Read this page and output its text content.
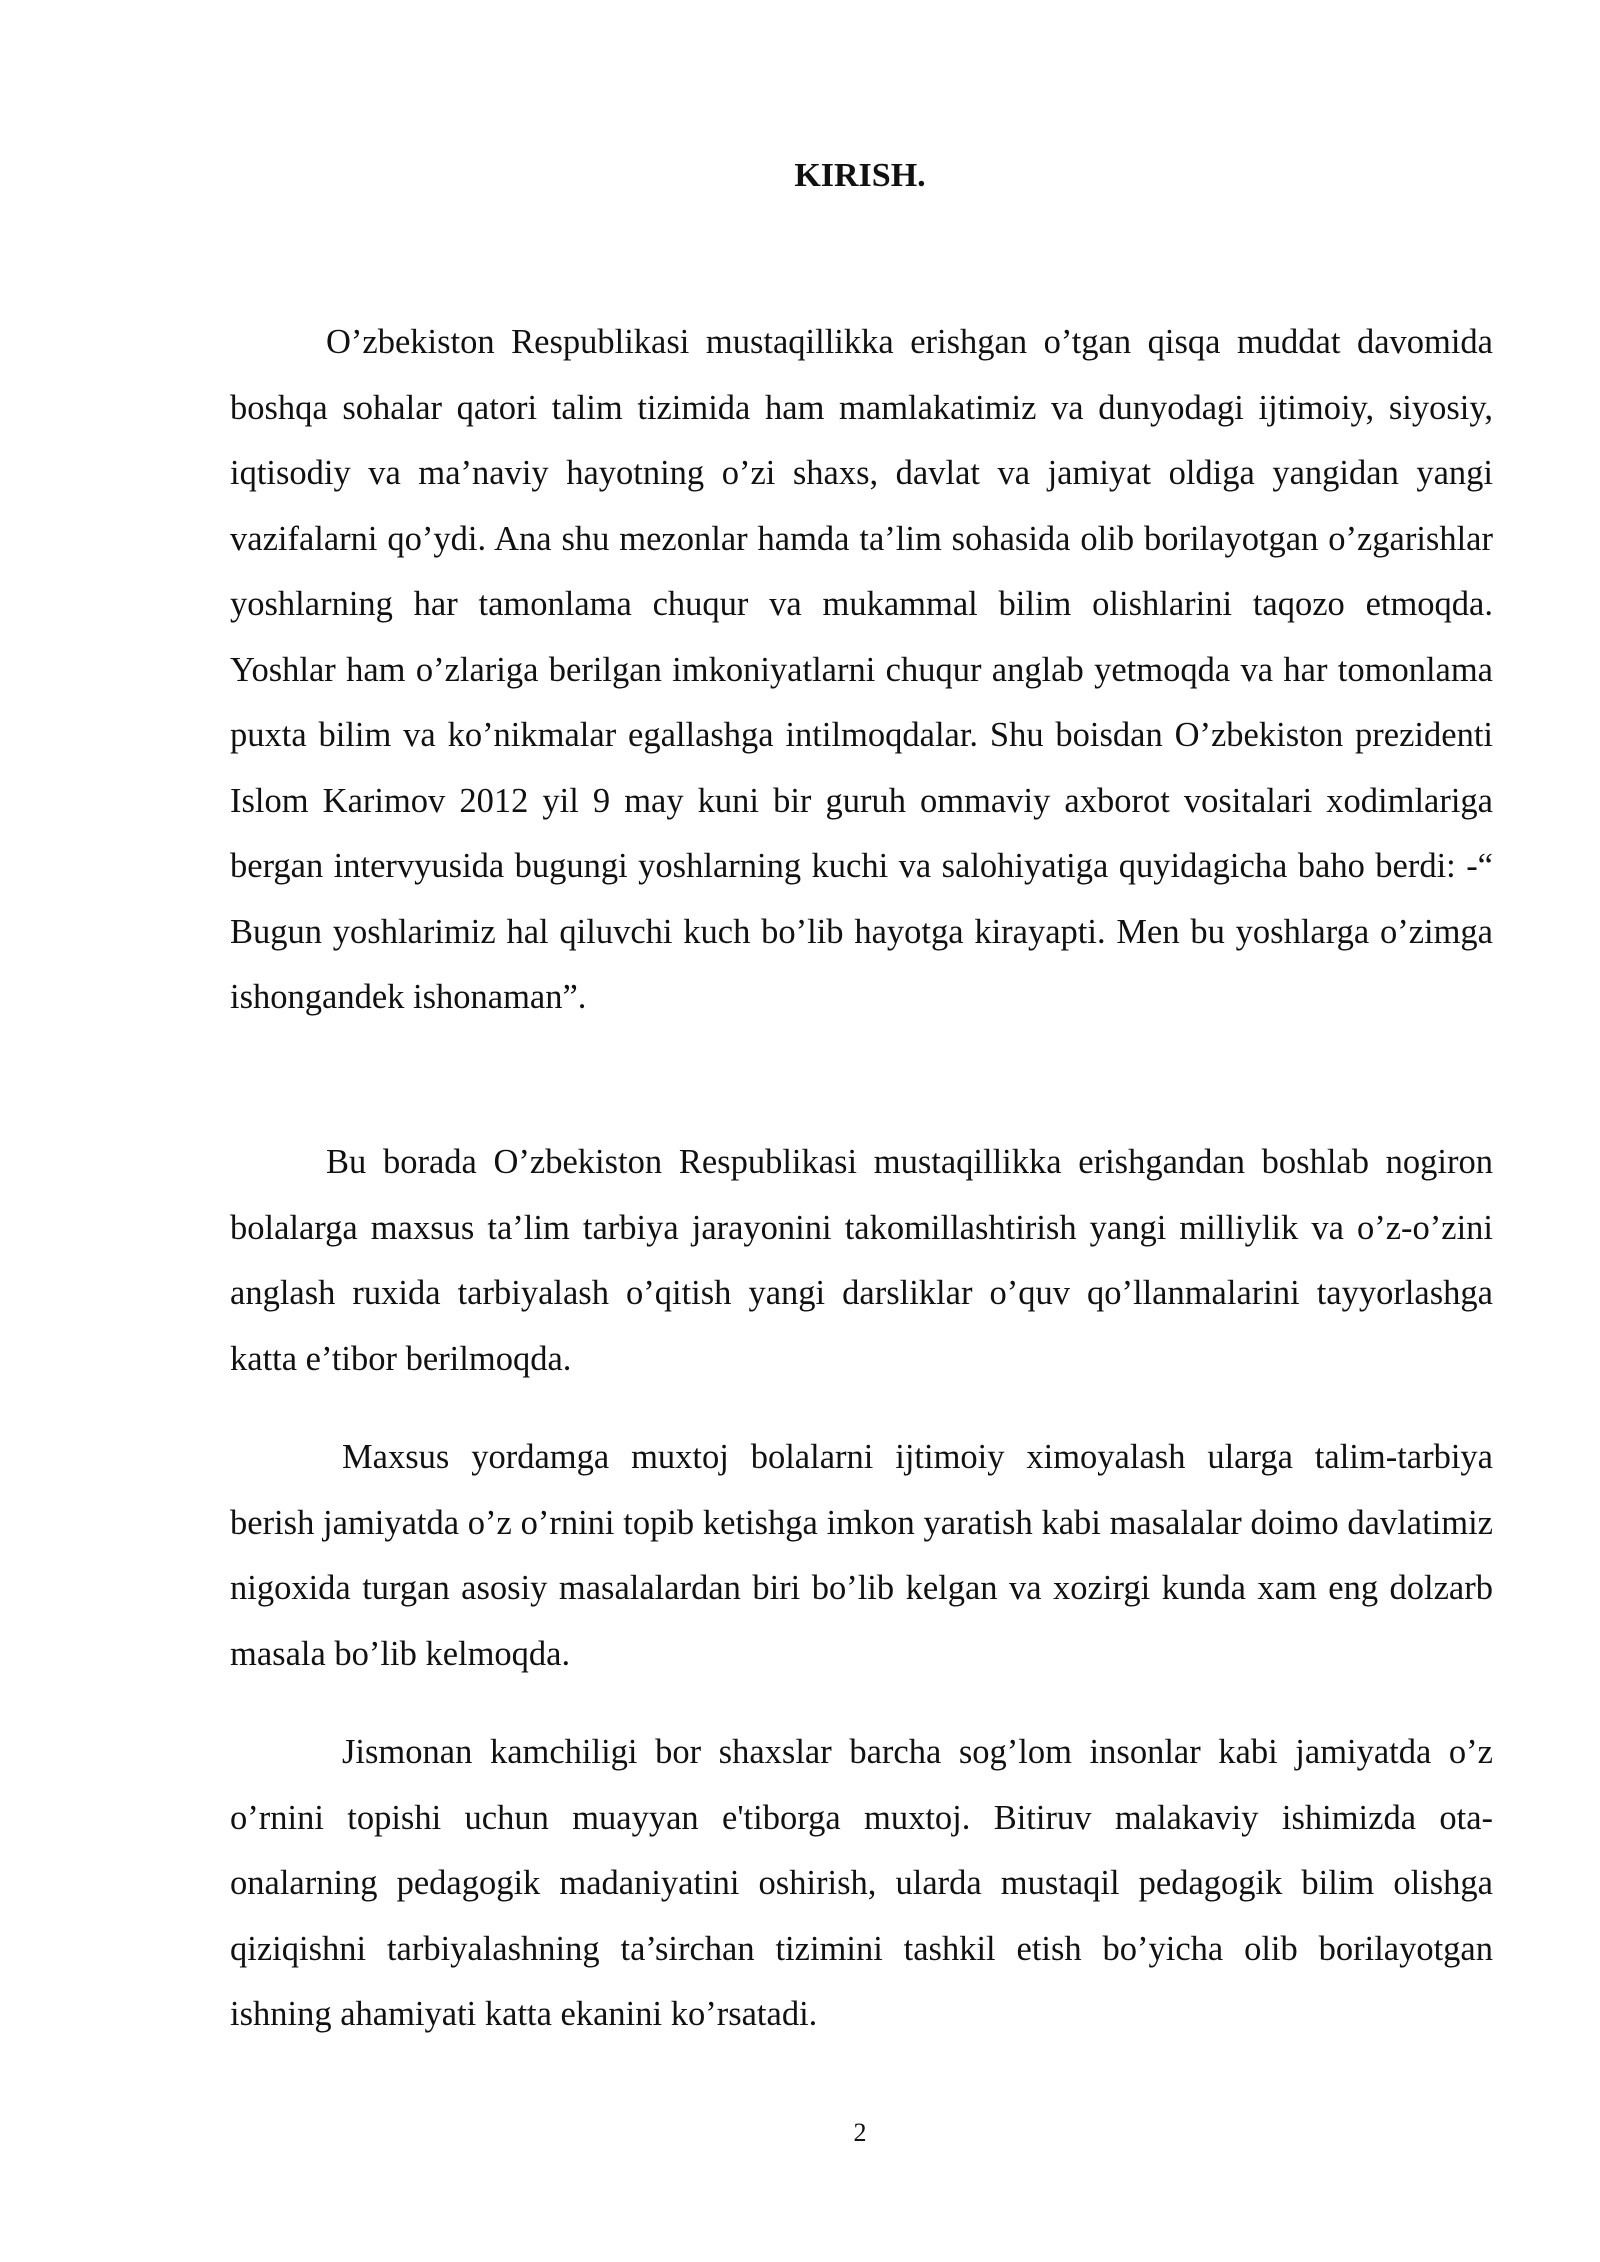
KIRISH.

O’zbekiston Respublikasi mustaqillikka erishgan o’tgan qisqa muddat davomida boshqa sohalar qatori talim tizimida ham mamlakatimiz va dunyodagi ijtimoiy, siyosiy, iqtisodiy va ma’naviy hayotning o’zi shaxs, davlat va jamiyat oldiga yangidan yangi vazifalarni qo’ydi. Ana shu mezonlar hamda ta’lim sohasida olib borilayotgan o’zgarishlar yoshlarning har tamonlama chuqur va mukammal bilim olishlarini taqozo etmoqda. Yoshlar ham o’zlariga berilgan imkoniyatlarni chuqur anglab yetmoqda va har tomonlama puxta bilim va ko’nikmalar egallashga intilmoqdalar. Shu boisdan O’zbekiston prezidenti Islom Karimov 2012 yil 9 may kuni bir guruh ommaviy axborot vositalari xodimlariga bergan intervyusida bugungi yoshlarning kuchi va salohiyatiga quyidagicha baho berdi: -“ Bugun yoshlarimiz hal qiluvchi kuch bo’lib hayotga kirayapti. Men bu yoshlarga o’zimga ishongandek ishonaman”.

Bu borada O’zbekiston Respublikasi mustaqillikka erishgandan boshlab nogiron bolalarga maxsus ta’lim tarbiya jarayonini takomillashtirish yangi milliylik va o’z-o’zini anglash ruxida tarbiyalash o’qitish yangi darsliklar o’quv qo’llanmalarini tayyorlashga katta e’tibor berilmoqda.

Maxsus yordamga muxtoj bolalarni ijtimoiy ximoyalash ularga talim-tarbiya berish jamiyatda o’z o’rnini topib ketishga imkon yaratish kabi masalalar doimo davlatimiz nigoxida turgan asosiy masalalardan biri bo’lib kelgan va xozirgi kunda xam eng dolzarb masala bo’lib kelmoqda.

Jismonan kamchiligi bor shaxslar barcha sog’lom insonlar kabi jamiyatda o’z o’rnini topishi uchun muayyan e'tiborga muxtoj. Bitiruv malakaviy ishimizda ota-onalarning pedagogik madaniyatini oshirish, ularda mustaqil pedagogik bilim olishga qiziqishni tarbiyalashning ta’sirchan tizimini tashkil etish bo’yicha olib borilayotgan ishning ahamiyati katta ekanini ko’rsatadi.

2
